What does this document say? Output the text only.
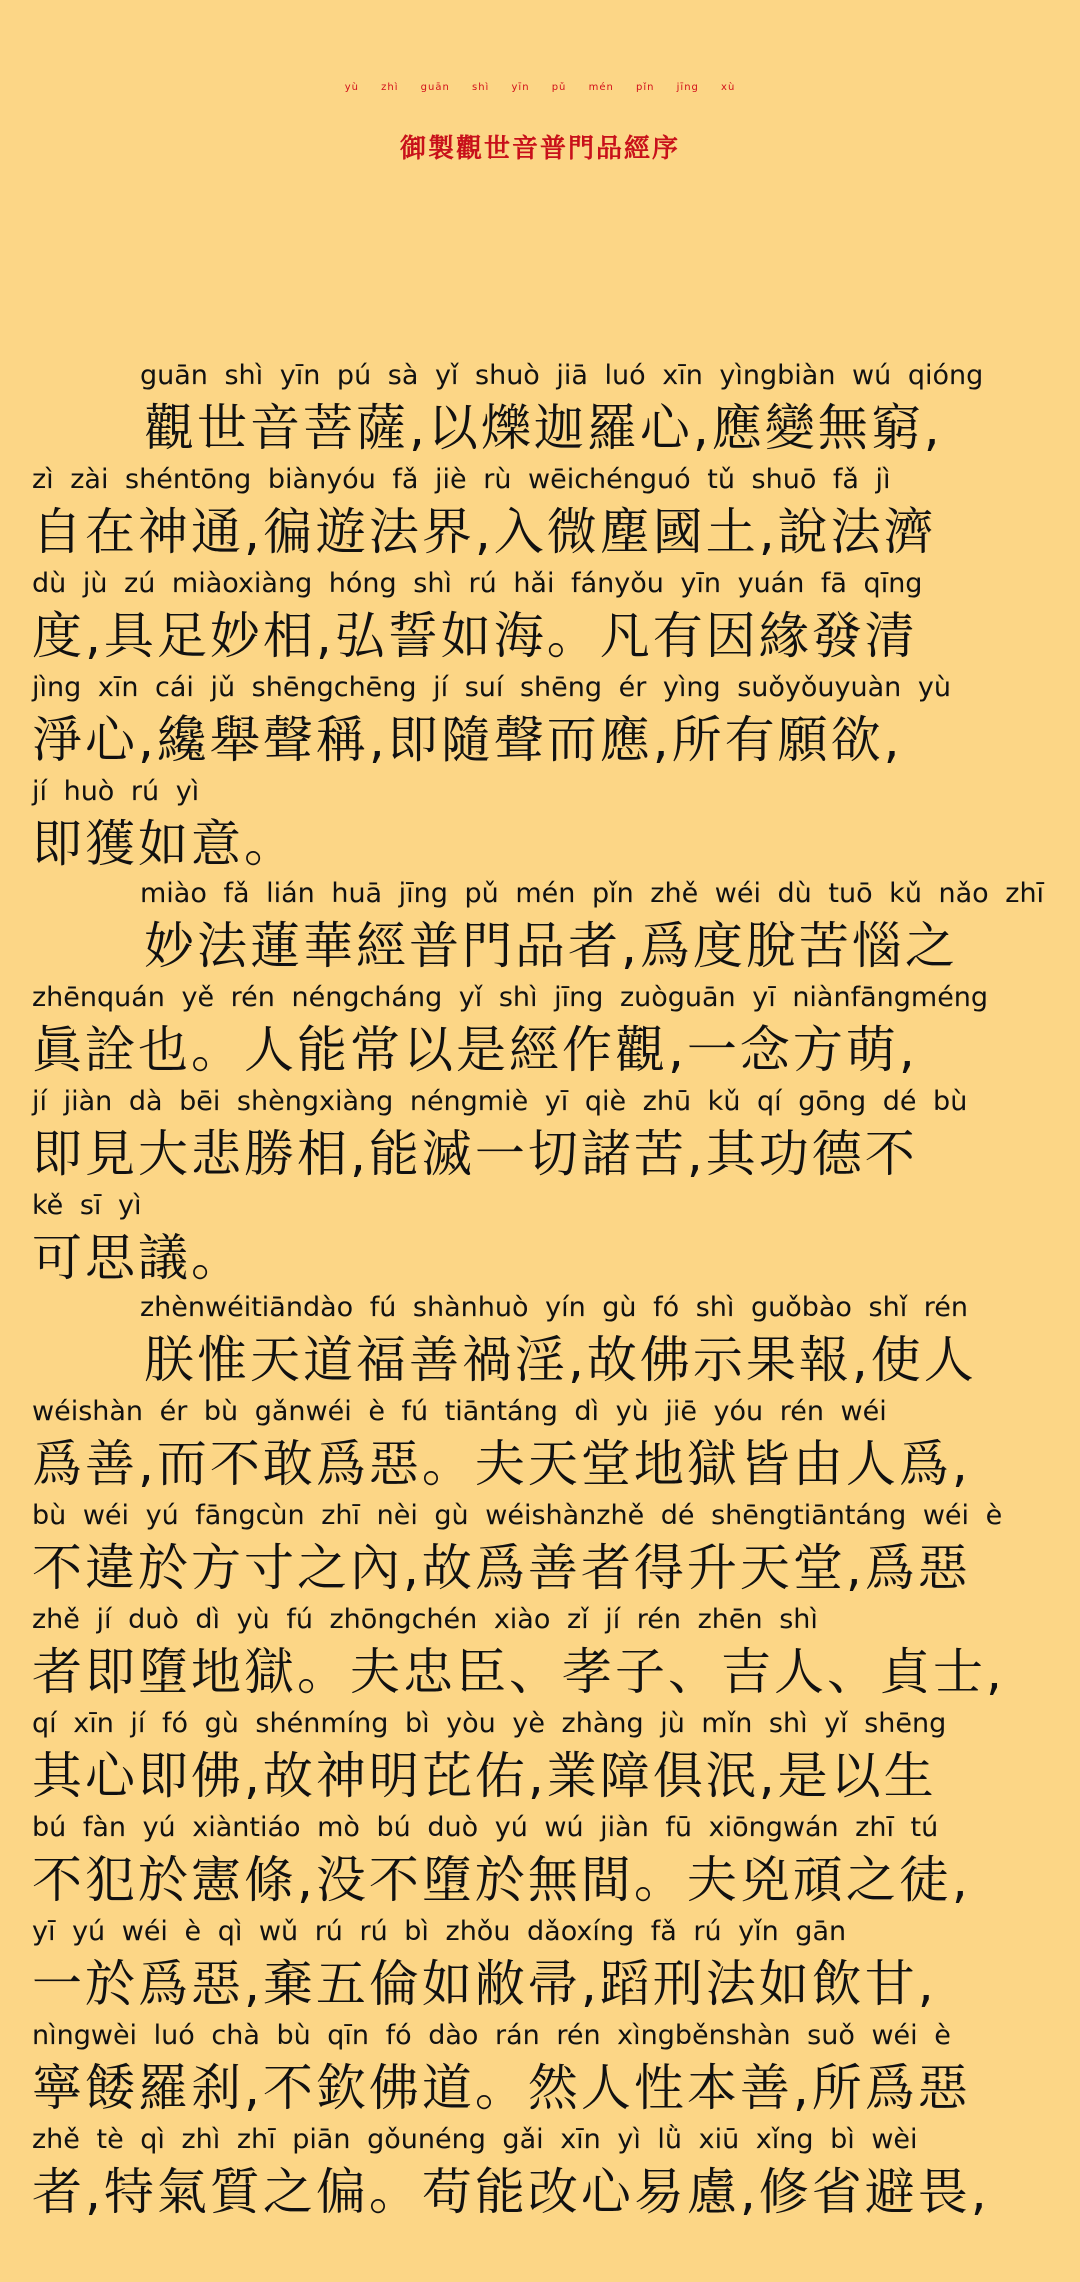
yù zhì guān shì yīn pǔ mén pǐn jīng xù
御製觀世音普門品經序
guān shì yīn pú sà yǐ shuò jiā luó xīn yìngbiàn wú qióng
觀世音菩薩,以爍迦羅心,應變無窮,
zì zài shéntōng biànyóu fǎ jiè rù wēichénguó tǔ shuō fǎ jì
自在神通,徧遊法界,入微塵國土,說法濟
dù jù zú miàoxiàng hóng shì rú hǎi fányǒu yīn yuán fā qīng
度,具足妙相,弘誓如海。凡有因緣發清
jìng xīn cái jǔ shēngchēng jí suí shēng ér yìng suǒyǒuyuàn yù
淨心,纔舉聲稱,即隨聲而應,所有願欲,
jí huò rú yì
即獲如意。
miào fǎ lián huā jīng pǔ mén pǐn zhě wéi dù tuō kǔ nǎo zhī
妙法蓮華經普門品者,爲度脫苦惱之
zhēnquán yě rén néngcháng yǐ shì jīng zuòguān yī niànfāngméng
眞詮也。人能常以是經作觀,一念方萌,
jí jiàn dà bēi shèngxiàng néngmiè yī qiè zhū kǔ qí gōng dé bù
即見大悲勝相,能滅一切諸苦,其功德不
kě sī yì
可思議。
zhènwéitiāndào fú shànhuò yín gù fó shì guǒbào shǐ rén
朕惟天道福善禍淫,故佛示果報,使人
wéishàn ér bù gǎnwéi è fú tiāntáng dì yù jiē yóu rén wéi
爲善,而不敢爲惡。夫天堂地獄皆由人爲,
bù wéi yú fāngcùn zhī nèi gù wéishànzhě dé shēngtiāntáng wéi è
不違於方寸之內,故爲善者得升天堂,爲惡
zhě jí duò dì yù fú zhōngchén xiào zǐ jí rén zhēn shì
者即墮地獄。夫忠臣、孝子、吉人、貞士,
qí xīn jí fó gù shénmíng bì yòu yè zhàng jù mǐn shì yǐ shēng
其心即佛,故神明芘佑,業障俱泯,是以生
bú fàn yú xiàntiáo mò bú duò yú wú jiàn fū xiōngwán zhī tú
不犯於憲條,没不墮於無間。夫兇頑之徒,
yī yú wéi è qì wǔ rú rú bì zhǒu dǎoxíng fǎ rú yǐn gān
一於爲惡,棄五倫如敝帚,蹈刑法如飲甘,
nìngwèi luó chà bù qīn fó dào rán rén xìngběnshàn suǒ wéi è
寧餧羅刹,不欽佛道。然人性本善,所爲惡
zhě tè qì zhì zhī piān gǒunéng gǎi xīn yì lǜ xiū xǐng bì wèi
者,特氣質之偏。苟能改心易慮,修省避畏,
